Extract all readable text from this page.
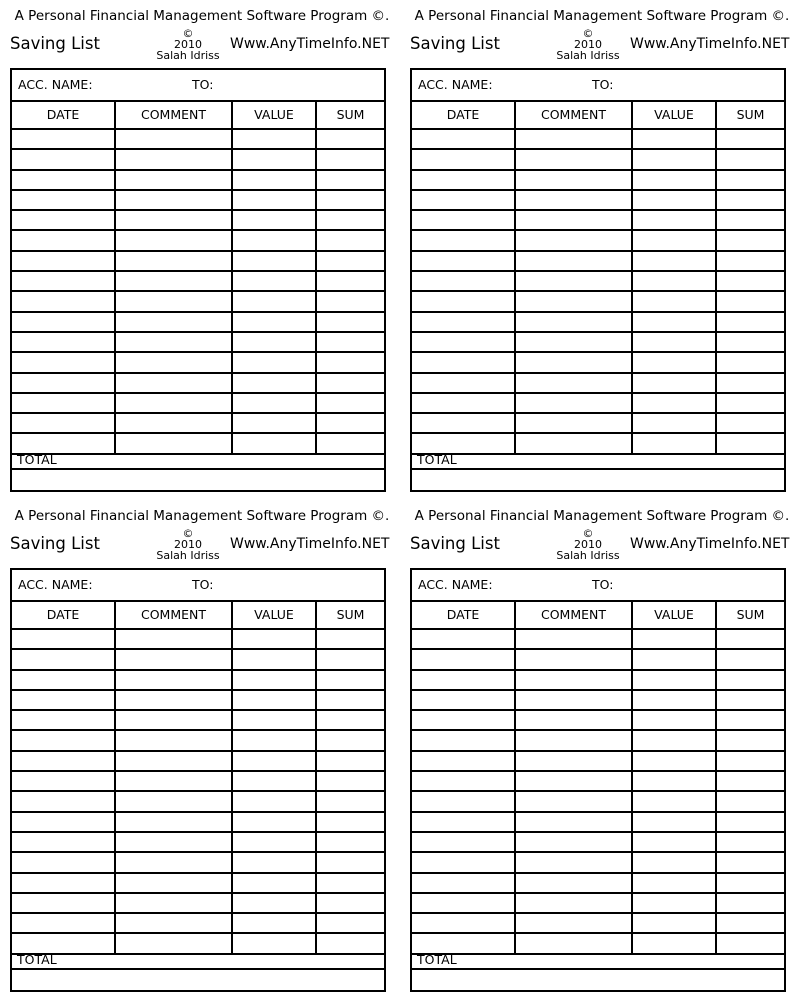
A Personal Financial Management Software Program ©.
Saving List
©
2010
Salah Idriss
Www.AnyTimeInfo.NET
ACC. NAME:	TO:
DATE	COMMENT	VALUE	SUM
TOTAL
A Personal Financial Management Software Program ©.
Saving List
©
2010
Salah Idriss
Www.AnyTimeInfo.NET
ACC. NAME:	TO:
DATE	COMMENT	VALUE	SUM
TOTAL
A Personal Financial Management Software Program ©.
Saving List
©
2010
Salah Idriss
Www.AnyTimeInfo.NET
ACC. NAME:	TO:
DATE	COMMENT	VALUE	SUM
TOTAL
A Personal Financial Management Software Program ©.
Saving List
©
2010
Salah Idriss
Www.AnyTimeInfo.NET
ACC. NAME:	TO:
DATE	COMMENT	VALUE	SUM
TOTAL
